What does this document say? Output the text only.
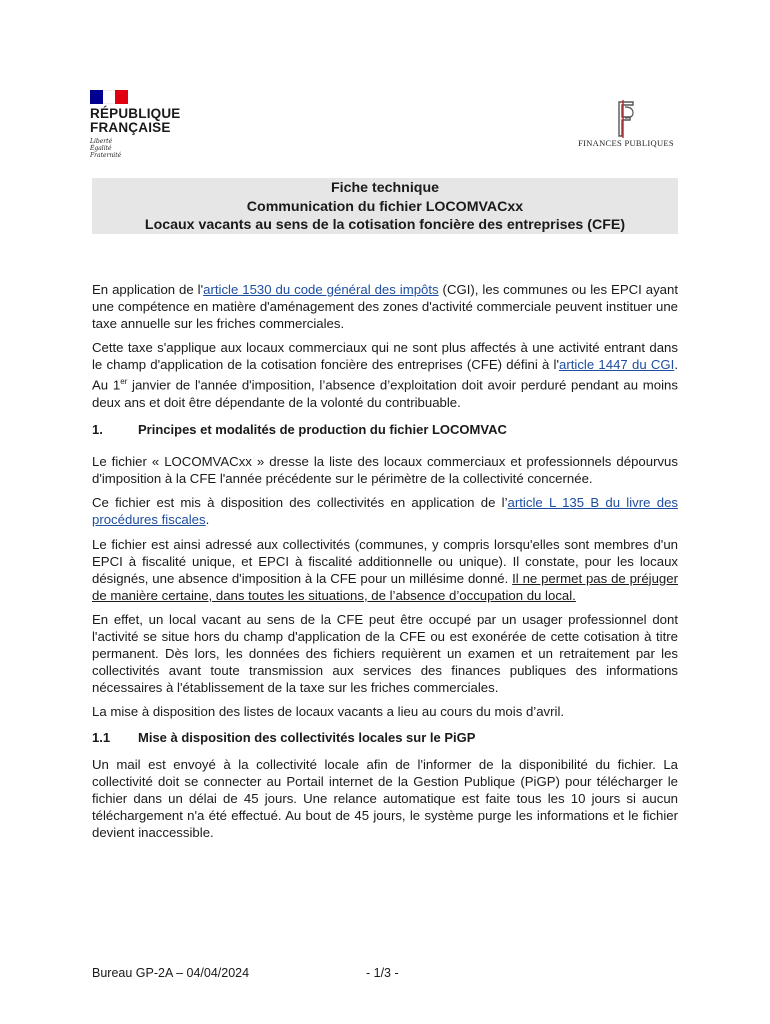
RÉPUBLIQUE
FRANÇAISE
Liberté
Égalité
Fraternité
FINANCES PUBLIQUES
Fiche technique
Communication du fichier LOCOMVACxx
Locaux vacants au sens de la cotisation foncière des entreprises (CFE)

En application de l'article 1530 du code général des impôts (CGI), les communes ou les EPCI ayant une compétence en matière d'aménagement des zones d'activité commerciale peuvent instituer une taxe annuelle sur les friches commerciales.

Cette taxe s'applique aux locaux commerciaux qui ne sont plus affectés à une activité entrant dans le champ d'application de la cotisation foncière des entreprises (CFE) défini à l'article 1447 du CGI. Au 1er janvier de l'année d'imposition, l’absence d’exploitation doit avoir perduré pendant au moins deux ans et doit être dépendante de la volonté du contribuable.

1.	Principes et modalités de production du fichier LOCOMVAC

Le fichier « LOCOMVACxx » dresse la liste des locaux commerciaux et professionnels dépourvus d'imposition à la CFE l'année précédente sur le périmètre de la collectivité concernée.

Ce fichier est mis à disposition des collectivités en application de l’article L 135 B du livre des procédures fiscales.

Le fichier est ainsi adressé aux collectivités (communes, y compris lorsqu'elles sont membres d'un EPCI à fiscalité unique, et EPCI à fiscalité additionnelle ou unique). Il constate, pour les locaux désignés, une absence d'imposition à la CFE pour un millésime donné. Il ne permet pas de préjuger de manière certaine, dans toutes les situations, de l’absence d’occupation du local.

En effet, un local vacant au sens de la CFE peut être occupé par un usager professionnel dont l'activité se situe hors du champ d'application de la CFE ou est exonérée de cette cotisation à titre permanent. Dès lors, les données des fichiers requièrent un examen et un retraitement par les collectivités avant toute transmission aux services des finances publiques des informations nécessaires à l'établissement de la taxe sur les friches commerciales.

La mise à disposition des listes de locaux vacants a lieu au cours du mois d’avril.

1.1	Mise à disposition des collectivités locales sur le PiGP

Un mail est envoyé à la collectivité locale afin de l'informer de la disponibilité du fichier. La collectivité doit se connecter au Portail internet de la Gestion Publique (PiGP) pour télécharger le fichier dans un délai de 45 jours. Une relance automatique est faite tous les 10 jours si aucun téléchargement n'a été effectué. Au bout de 45 jours, le système purge les informations et le fichier devient inaccessible.

Bureau GP-2A – 04/04/2024	- 1/3 -
